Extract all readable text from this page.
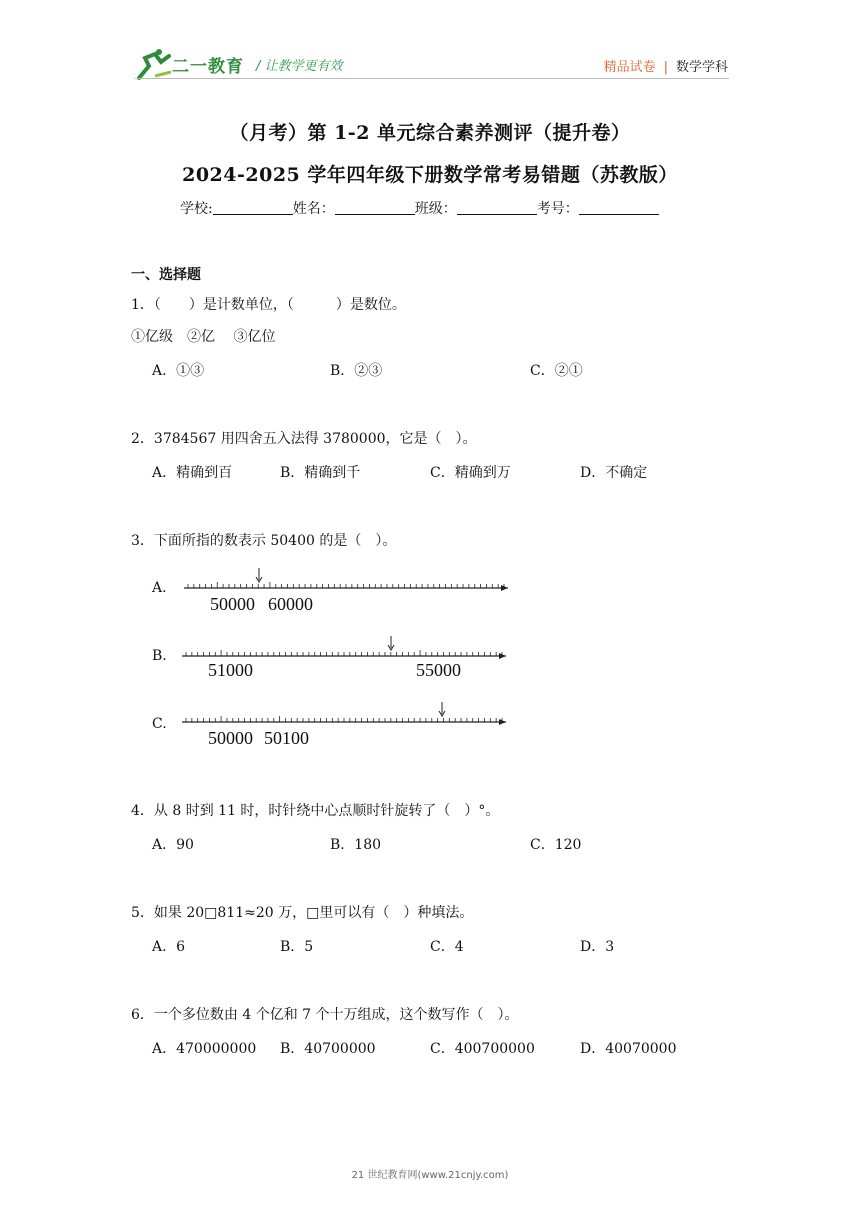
二一教育 / 让教学更有效	精品试卷 | 数学学科
（月考）第 1-2 单元综合素养测评（提升卷）
2024-2025 学年四年级下册数学常考易错题（苏教版）
学校:	姓名：	班级：	考号：
一、选择题
1．（　　）是计数单位，（　　　）是数位。
①亿级　②亿　 ③亿位
A．①③	B．②③	C．②①
2．3784567 用四舍五入法得 3780000，它是（　）。
A．精确到百	B．精确到千	C．精确到万	D．不确定
3．下面所指的数表示 50400 的是（　）。
A.
B.
C.
50000 60000
51000	55000
50000 50100
4．从 8 时到 11 时，时针绕中心点顺时针旋转了（　）°。
A．90	B．180	C．120
5．如果 20□811≈20 万，□里可以有（　）种填法。
A．6	B．5	C．4	D．3
6．一个多位数由 4 个亿和 7 个十万组成，这个数写作（　）。
A．470000000 B．40700000	C．400700000	D．40070000
21 世纪教育网(www.21cnjy.com)
